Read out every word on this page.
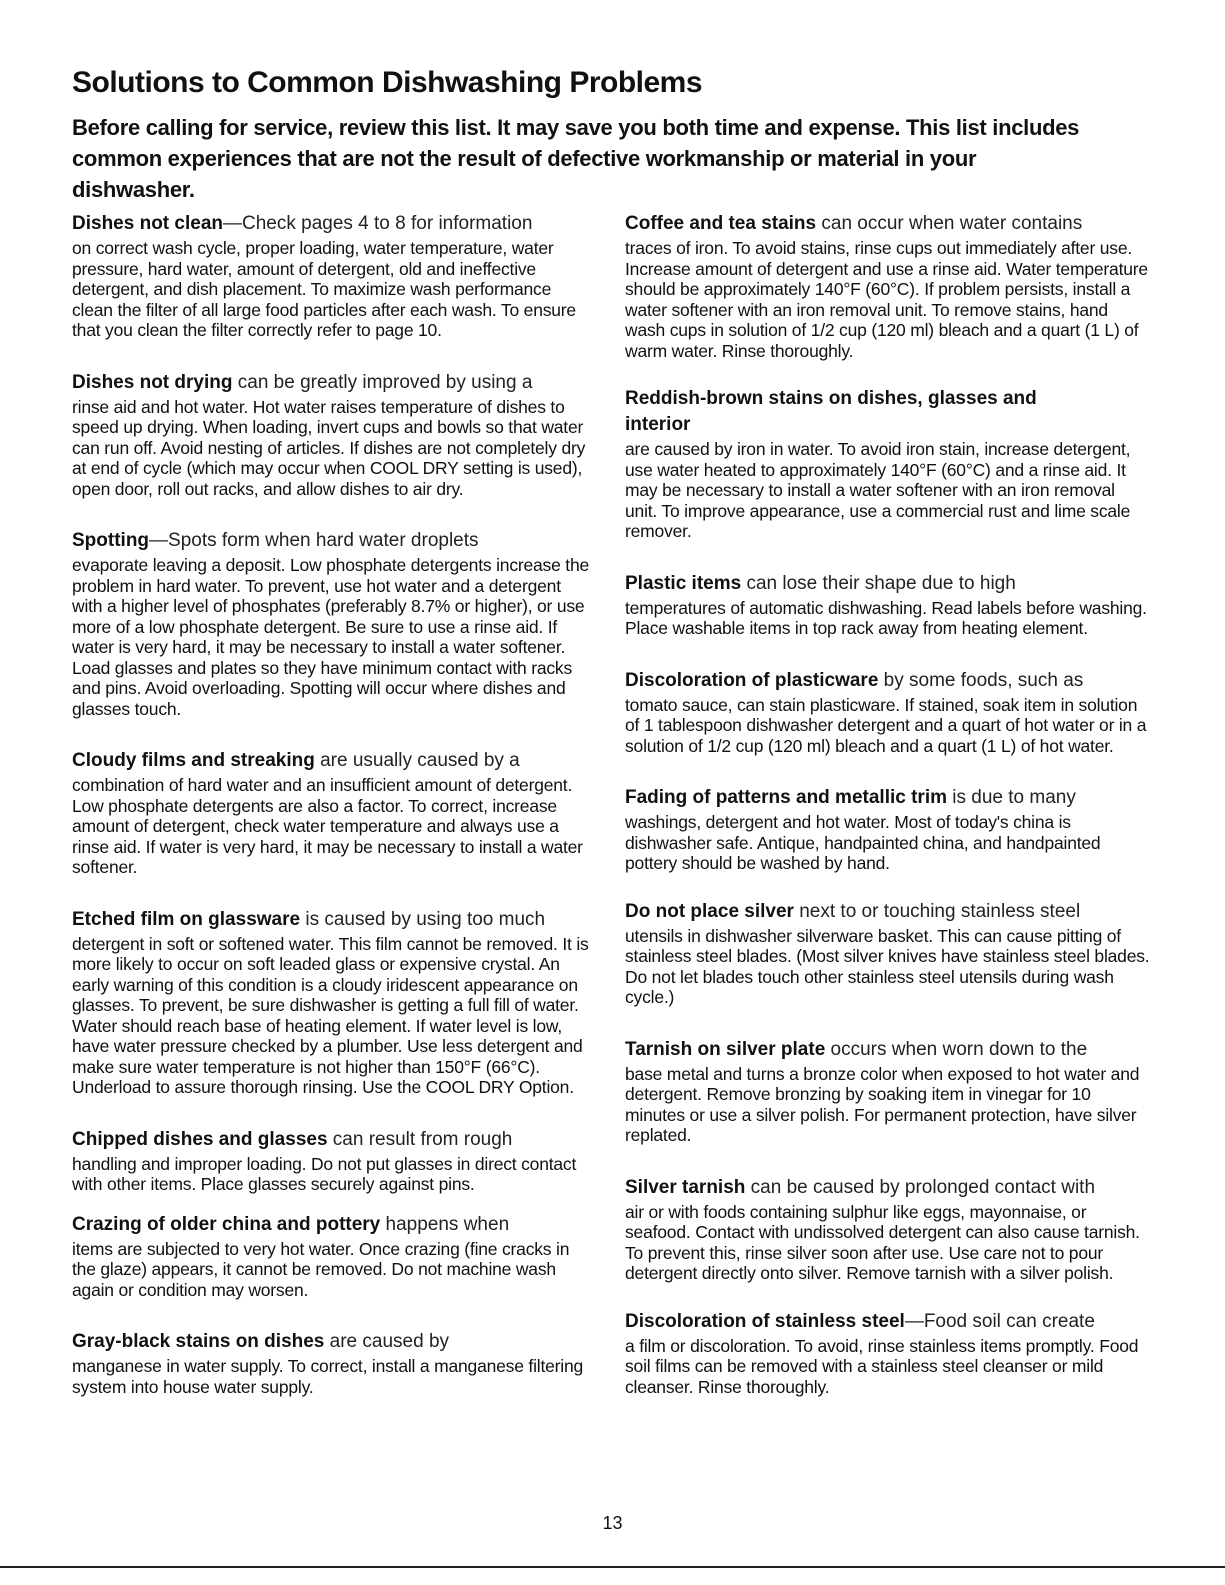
Solutions to Common Dishwashing Problems

Before calling for service, review this list. It may save you both time and expense. This list includes common experiences that are not the result of defective workmanship or material in your dishwasher.

Dishes not clean—Check pages 4 to 8 for information

on correct wash cycle, proper loading, water temperature, water pressure, hard water, amount of detergent, old and ineffective detergent, and dish placement. To maximize wash performance clean the filter of all large food particles after each wash. To ensure that you clean the filter correctly refer to page 10.

Dishes not drying can be greatly improved by using a

rinse aid and hot water. Hot water raises temperature of dishes to speed up drying. When loading, invert cups and bowls so that water can run off. Avoid nesting of articles. If dishes are not completely dry at end of cycle (which may occur when COOL DRY setting is used), open door, roll out racks, and allow dishes to air dry.

Spotting—Spots form when hard water droplets

evaporate leaving a deposit. Low phosphate detergents increase the problem in hard water. To prevent, use hot water and a detergent with a higher level of phosphates (preferably 8.7% or higher), or use more of a low phosphate detergent. Be sure to use a rinse aid. If water is very hard, it may be necessary to install a water softener. Load glasses and plates so they have minimum contact with racks and pins. Avoid overloading. Spotting will occur where dishes and glasses touch.

Cloudy films and streaking are usually caused by a

combination of hard water and an insufficient amount of detergent. Low phosphate detergents are also a factor. To correct, increase amount of detergent, check water temperature and always use a rinse aid. If water is very hard, it may be necessary to install a water softener.

Etched film on glassware is caused by using too much

detergent in soft or softened water. This film cannot be removed. It is more likely to occur on soft leaded glass or expensive crystal. An early warning of this condition is a cloudy iridescent appearance on glasses. To prevent, be sure dishwasher is getting a full fill of water. Water should reach base of heating element. If water level is low, have water pressure checked by a plumber. Use less detergent and make sure water temperature is not higher than 150°F (66°C). Underload to assure thorough rinsing. Use the COOL DRY Option.

Chipped dishes and glasses can result from rough

handling and improper loading. Do not put glasses in direct contact with other items. Place glasses securely against pins.

Crazing of older china and pottery happens when

items are subjected to very hot water. Once crazing (fine cracks in the glaze) appears, it cannot be removed. Do not machine wash again or condition may worsen.

Gray-black stains on dishes are caused by

manganese in water supply. To correct, install a manganese filtering system into house water supply.

Coffee and tea stains can occur when water contains

traces of iron. To avoid stains, rinse cups out immediately after use. Increase amount of detergent and use a rinse aid. Water temperature should be approximately 140°F (60°C). If problem persists, install a water softener with an iron removal unit. To remove stains, hand wash cups in solution of 1/2 cup (120 ml) bleach and a quart (1 L) of warm water. Rinse thoroughly.

Reddish-brown stains on dishes, glasses and
interior

are caused by iron in water. To avoid iron stain, increase detergent, use water heated to approximately 140°F (60°C) and a rinse aid. It may be necessary to install a water softener with an iron removal unit. To improve appearance, use a commercial rust and lime scale remover.

Plastic items can lose their shape due to high

temperatures of automatic dishwashing. Read labels before washing. Place washable items in top rack away from heating element.

Discoloration of plasticware by some foods, such as

tomato sauce, can stain plasticware. If stained, soak item in solution of 1 tablespoon dishwasher detergent and a quart of hot water or in a solution of 1/2 cup (120 ml) bleach and a quart (1 L) of hot water.

Fading of patterns and metallic trim is due to many

washings, detergent and hot water. Most of today's china is dishwasher safe. Antique, handpainted china, and handpainted pottery should be washed by hand.

Do not place silver next to or touching stainless steel

utensils in dishwasher silverware basket. This can cause pitting of stainless steel blades. (Most silver knives have stainless steel blades. Do not let blades touch other stainless steel utensils during wash cycle.)

Tarnish on silver plate occurs when worn down to the

base metal and turns a bronze color when exposed to hot water and detergent. Remove bronzing by soaking item in vinegar for 10 minutes or use a silver polish. For permanent protection, have silver replated.

Silver tarnish can be caused by prolonged contact with

air or with foods containing sulphur like eggs, mayonnaise, or seafood. Contact with undissolved detergent can also cause tarnish. To prevent this, rinse silver soon after use. Use care not to pour detergent directly onto silver. Remove tarnish with a silver polish.

Discoloration of stainless steel—Food soil can create

a film or discoloration. To avoid, rinse stainless items promptly. Food soil films can be removed with a stainless steel cleanser or mild cleanser. Rinse thoroughly.

13
